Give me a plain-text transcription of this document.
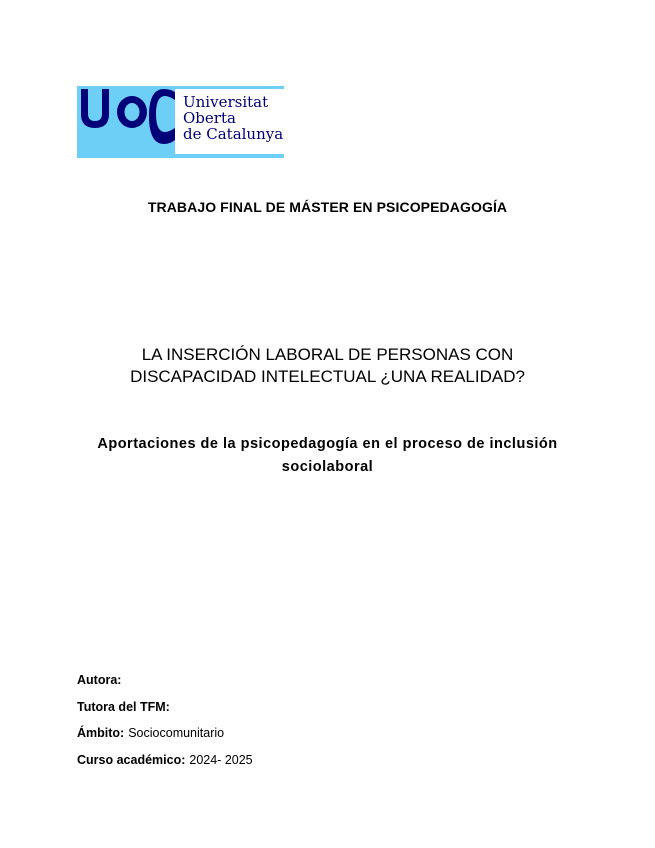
Universitat
Oberta
de Catalunya
TRABAJO FINAL DE MÁSTER EN PSICOPEDAGOGÍA
LA INSERCIÓN LABORAL DE PERSONAS CON
DISCAPACIDAD INTELECTUAL ¿UNA REALIDAD?
Aportaciones de la psicopedagogía en el proceso de inclusión
sociolaboral
Autora:
Tutora del TFM:
Ámbito: Sociocomunitario
Curso académico: 2024- 2025
